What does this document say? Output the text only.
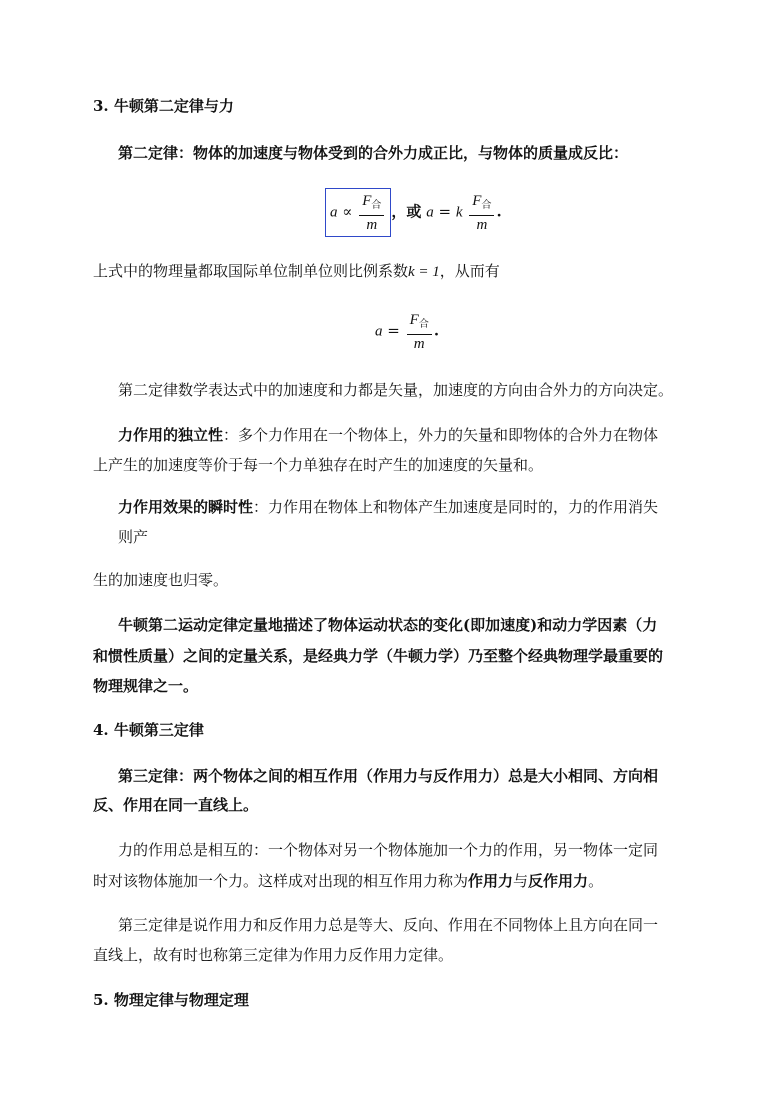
3. 牛顿第二定律与力
第二定律：物体的加速度与物体受到的合外力成正比，与物体的质量成反比：
$a \propto \frac{F_合}{m}$ ，或 a = k $\frac{F_合}{m}$ .
上式中的物理量都取国际单位制单位则比例系数k = 1，从而有
$a = \frac{F_合}{m}$ .
第二定律数学表达式中的加速度和力都是矢量，加速度的方向由合外力的方向决定。
力作用的独立性：多个力作用在一个物体上，外力的矢量和即物体的合外力在物体
上产生的加速度等价于每一个力单独存在时产生的加速度的矢量和。
力作用效果的瞬时性：力作用在物体上和物体产生加速度是同时的，力的作用消失
则产
生的加速度也归零。
牛顿第二运动定律定量地描述了物体运动状态的变化(即加速度)和动力学因素（力
和惯性质量）之间的定量关系，是经典力学（牛顿力学）乃至整个经典物理学最重要的
物理规律之一。
4. 牛顿第三定律
第三定律：两个物体之间的相互作用（作用力与反作用力）总是大小相同、方向相
反、作用在同一直线上。
力的作用总是相互的：一个物体对另一个物体施加一个力的作用，另一物体一定同
时对该物体施加一个力。这样成对出现的相互作用力称为作用力与反作用力。
第三定律是说作用力和反作用力总是等大、反向、作用在不同物体上且方向在同一
直线上，故有时也称第三定律为作用力反作用力定律。
5. 物理定律与物理定理
